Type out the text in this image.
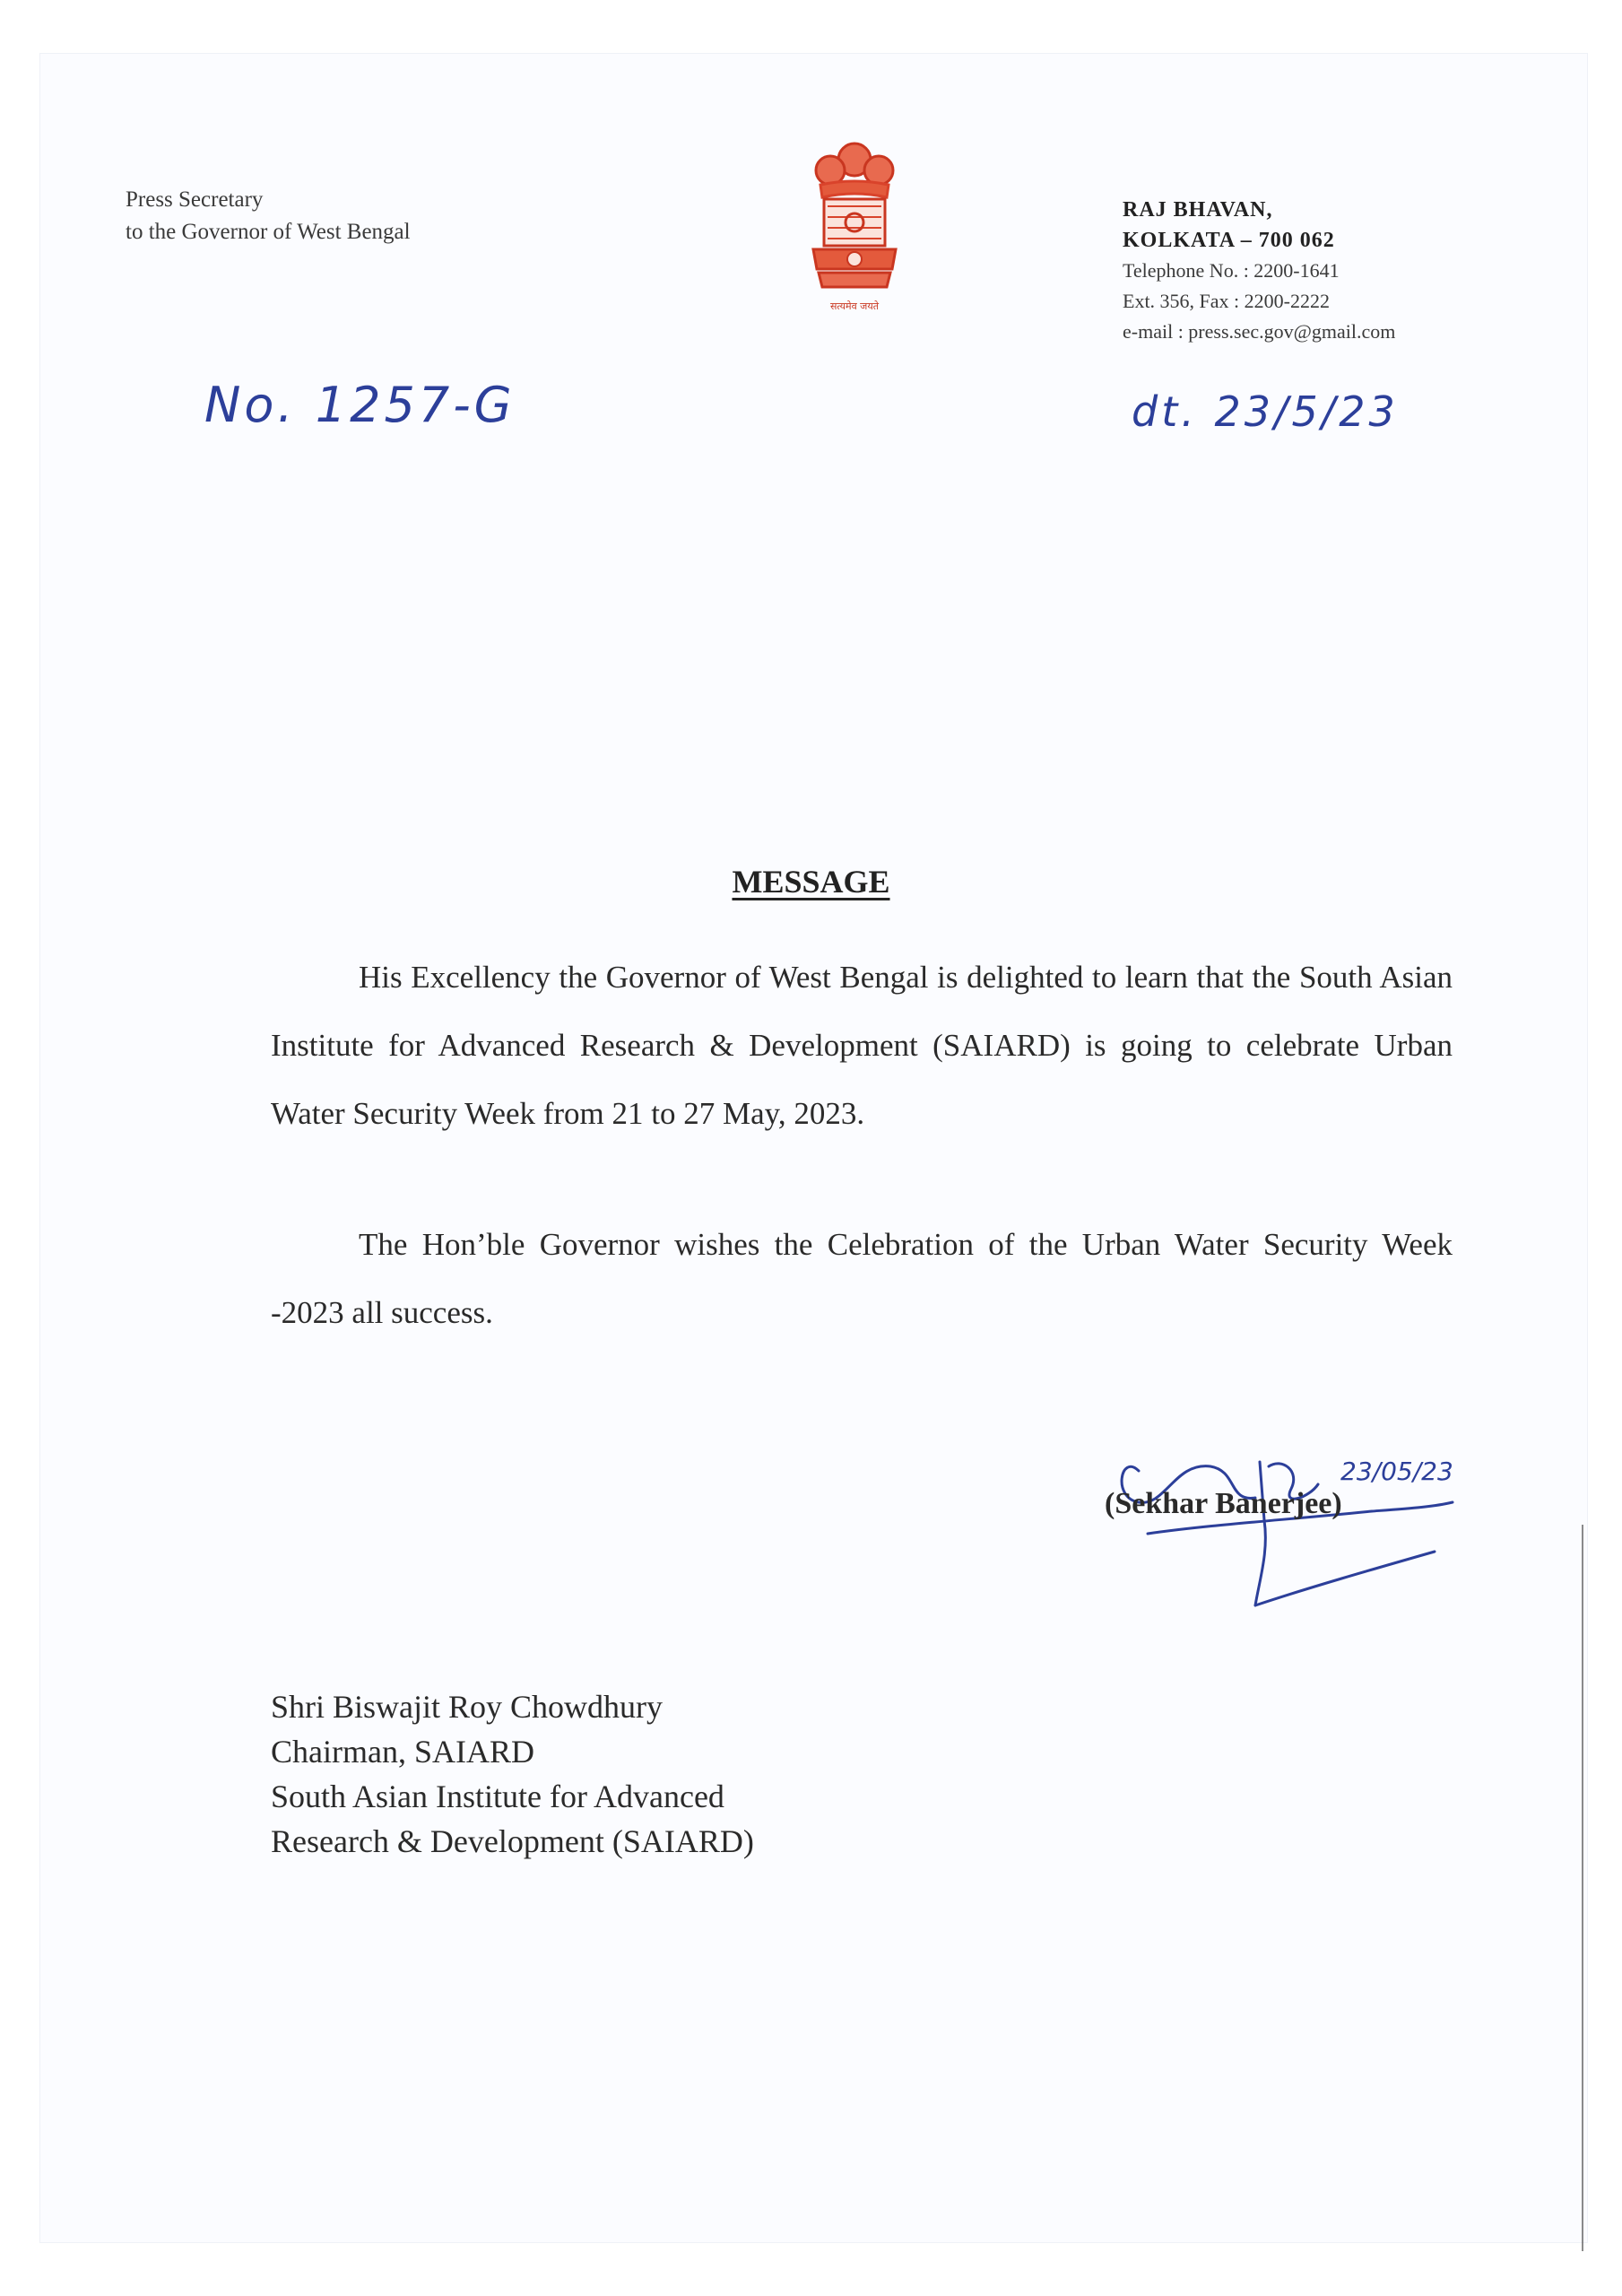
Press Secretary
to the Governor of West Bengal
सत्यमेव जयते
RAJ BHAVAN,
KOLKATA – 700 062
Telephone No. : 2200-1641
Ext. 356, Fax : 2200-2222
e-mail : press.sec.gov@gmail.com
No. 1257-G	dt. 23/5/23
MESSAGE

His Excellency the Governor of West Bengal is delighted to learn that the South Asian Institute for Advanced Research & Development (SAIARD) is going to celebrate Urban Water Security Week from 21 to 27 May, 2023.

The Hon’ble Governor wishes the Celebration of the Urban Water Security Week -2023 all success.

23/05/23
(Sekhar Banerjee)
Shri Biswajit Roy Chowdhury
Chairman, SAIARD
South Asian Institute for Advanced
Research & Development (SAIARD)
